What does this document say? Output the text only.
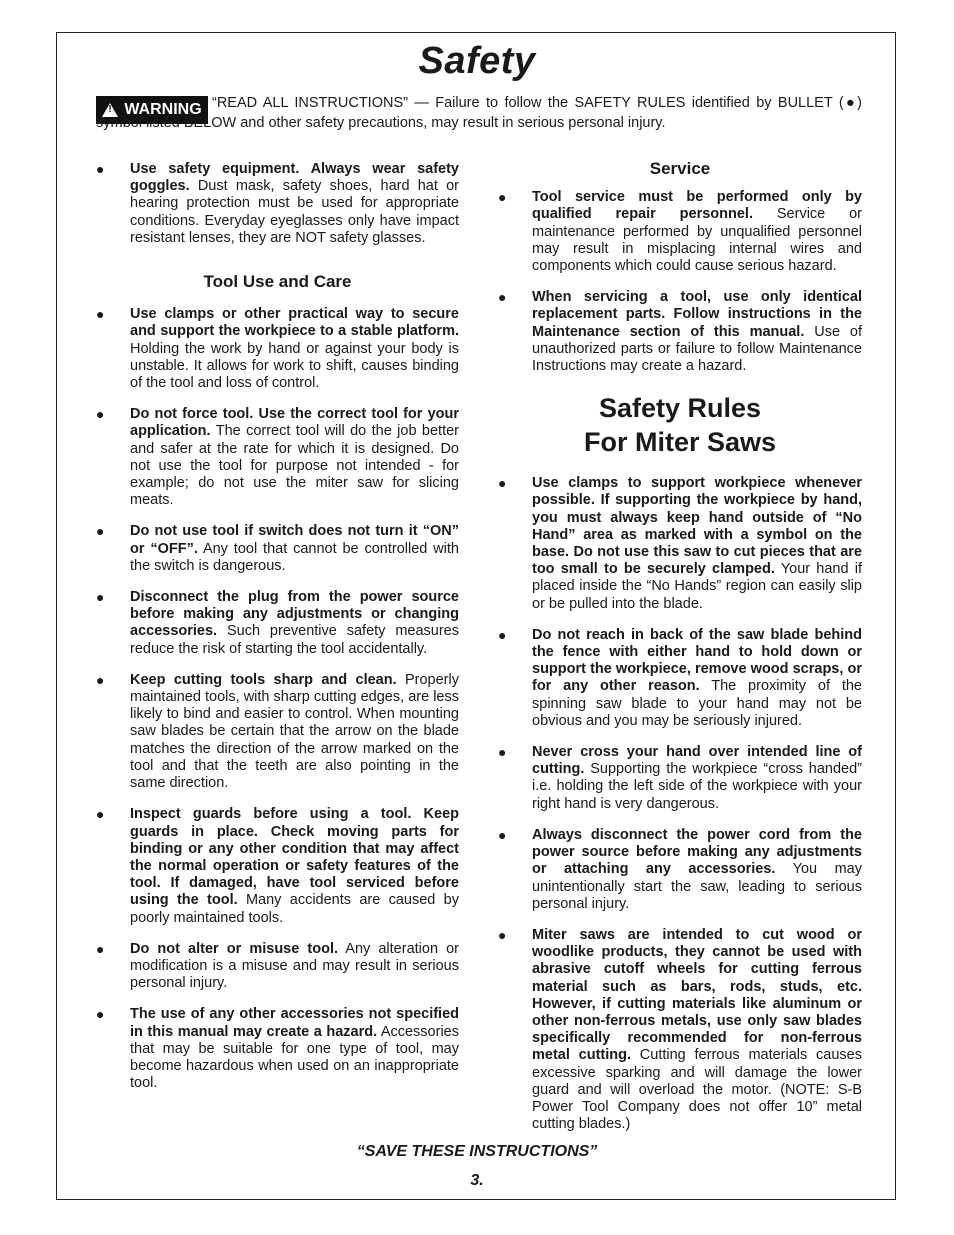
Safety
!
WARNING “READ ALL INSTRUCTIONS” — Failure to follow the SAFETY RULES identified by BULLET (●) symbol listed BELOW and other safety precautions, may result in serious personal injury.
● Use safety equipment. Always wear safety goggles. Dust mask, safety shoes, hard hat or hearing protection must be used for appropriate conditions. Everyday eyeglasses only have impact resistant lenses, they are NOT safety glasses.
Tool Use and Care
● Use clamps or other practical way to secure and support the workpiece to a stable platform. Holding the work by hand or against your body is unstable. It allows for work to shift, causes binding of the tool and loss of control.
● Do not force tool. Use the correct tool for your application. The correct tool will do the job better and safer at the rate for which it is designed. Do not use the tool for purpose not intended - for example; do not use the miter saw for slicing meats.
● Do not use tool if switch does not turn it “ON” or “OFF”. Any tool that cannot be controlled with the switch is dangerous.
● Disconnect the plug from the power source before making any adjustments or changing accessories. Such preventive safety measures reduce the risk of starting the tool accidentally.
● Keep cutting tools sharp and clean. Properly maintained tools, with sharp cutting edges, are less likely to bind and easier to control. When mounting saw blades be certain that the arrow on the blade matches the direction of the arrow marked on the tool and that the teeth are also pointing in the same direction.
● Inspect guards before using a tool. Keep guards in place. Check moving parts for binding or any other condition that may affect the normal operation or safety features of the tool. If damaged, have tool serviced before using the tool. Many accidents are caused by poorly maintained tools.
● Do not alter or misuse tool. Any alteration or modification is a misuse and may result in serious personal injury.
● The use of any other accessories not specified in this manual may create a hazard. Accessories that may be suitable for one type of tool, may become hazardous when used on an inappropriate tool.
Service
● Tool service must be performed only by qualified repair personnel. Service or maintenance performed by unqualified personnel may result in misplacing internal wires and components which could cause serious hazard.
● When servicing a tool, use only identical replacement parts. Follow instructions in the Maintenance section of this manual. Use of unauthorized parts or failure to follow Maintenance Instructions may create a hazard.
Safety Rules
For Miter Saws
● Use clamps to support workpiece whenever possible. If supporting the workpiece by hand, you must always keep hand outside of “No Hand” area as marked with a symbol on the base. Do not use this saw to cut pieces that are too small to be securely clamped. Your hand if placed inside the “No Hands” region can easily slip or be pulled into the blade.
● Do not reach in back of the saw blade behind the fence with either hand to hold down or support the workpiece, remove wood scraps, or for any other reason. The proximity of the spinning saw blade to your hand may not be obvious and you may be seriously injured.
● Never cross your hand over intended line of cutting. Supporting the workpiece “cross handed” i.e. holding the left side of the workpiece with your right hand is very dangerous.
● Always disconnect the power cord from the power source before making any adjustments or attaching any accessories. You may unintentionally start the saw, leading to serious personal injury.
● Miter saws are intended to cut wood or woodlike products, they cannot be used with abrasive cutoff wheels for cutting ferrous material such as bars, rods, studs, etc. However, if cutting materials like aluminum or other non-ferrous metals, use only saw blades specifically recommended for non-ferrous metal cutting. Cutting ferrous materials causes excessive sparking and will damage the lower guard and will overload the motor. (NOTE: S-B Power Tool Company does not offer 10” metal cutting blades.)
“SAVE THESE INSTRUCTIONS”
3.
